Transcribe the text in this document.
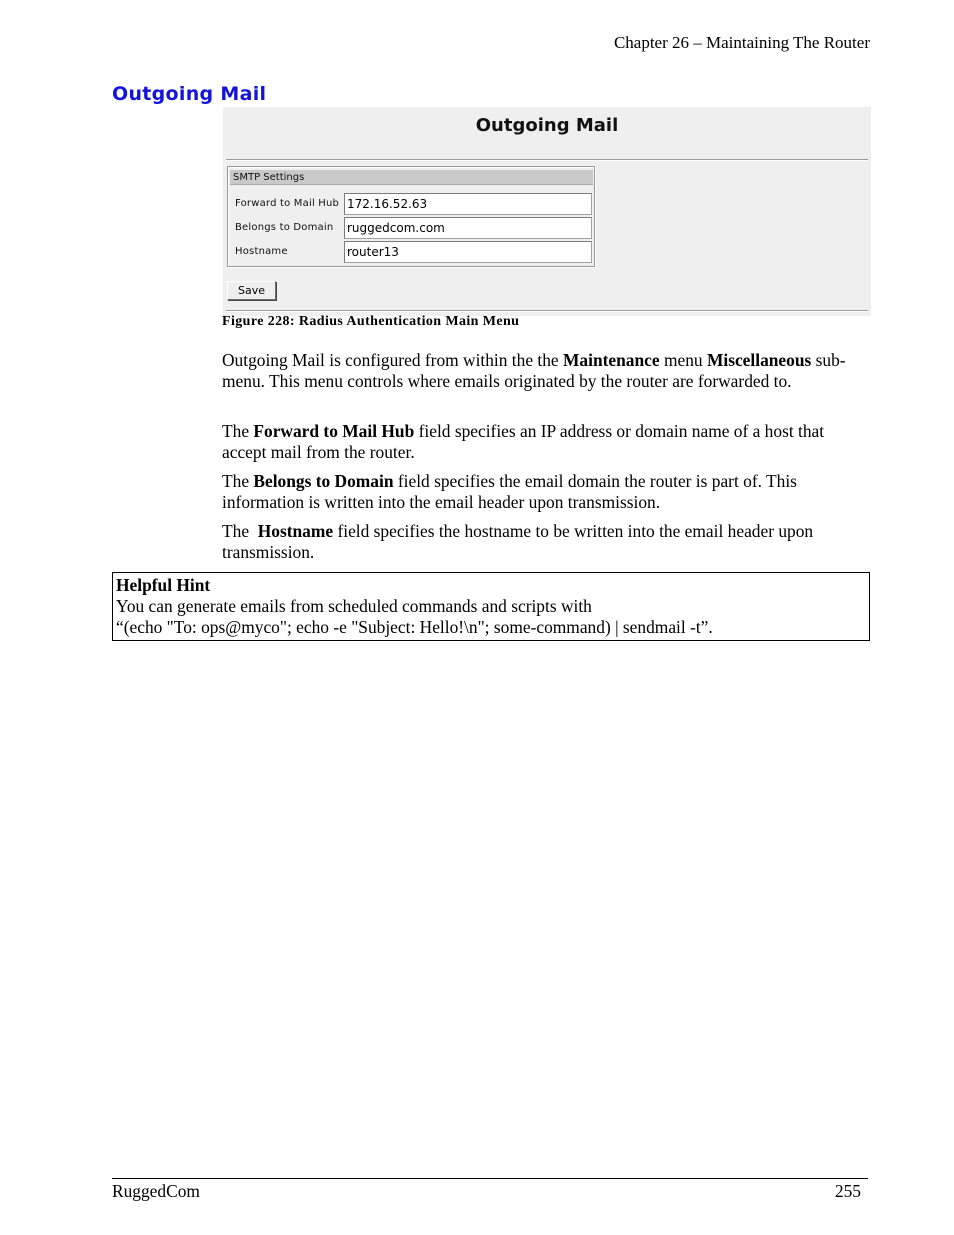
Chapter 26 – Maintaining The Router
Outgoing Mail
Outgoing Mail
SMTP Settings
Forward to Mail Hub
172.16.52.63
Belongs to Domain
ruggedcom.com
Hostname
router13
Save
Figure 228: Radius Authentication Main Menu

Outgoing Mail is configured from within the the Maintenance menu Miscellaneous sub-menu. This menu controls where emails originated by the router are forwarded to.

The Forward to Mail Hub field specifies an IP address or domain name of a host that accept mail from the router.

The Belongs to Domain field specifies the email domain the router is part of. This information is written into the email header upon transmission.

The  Hostname field specifies the hostname to be written into the email header upon transmission.

Helpful Hint
You can generate emails from scheduled commands and scripts with
“(echo "To: ops@myco"; echo -e "Subject: Hello!\n"; some-command) | sendmail -t”.
RuggedCom	255
